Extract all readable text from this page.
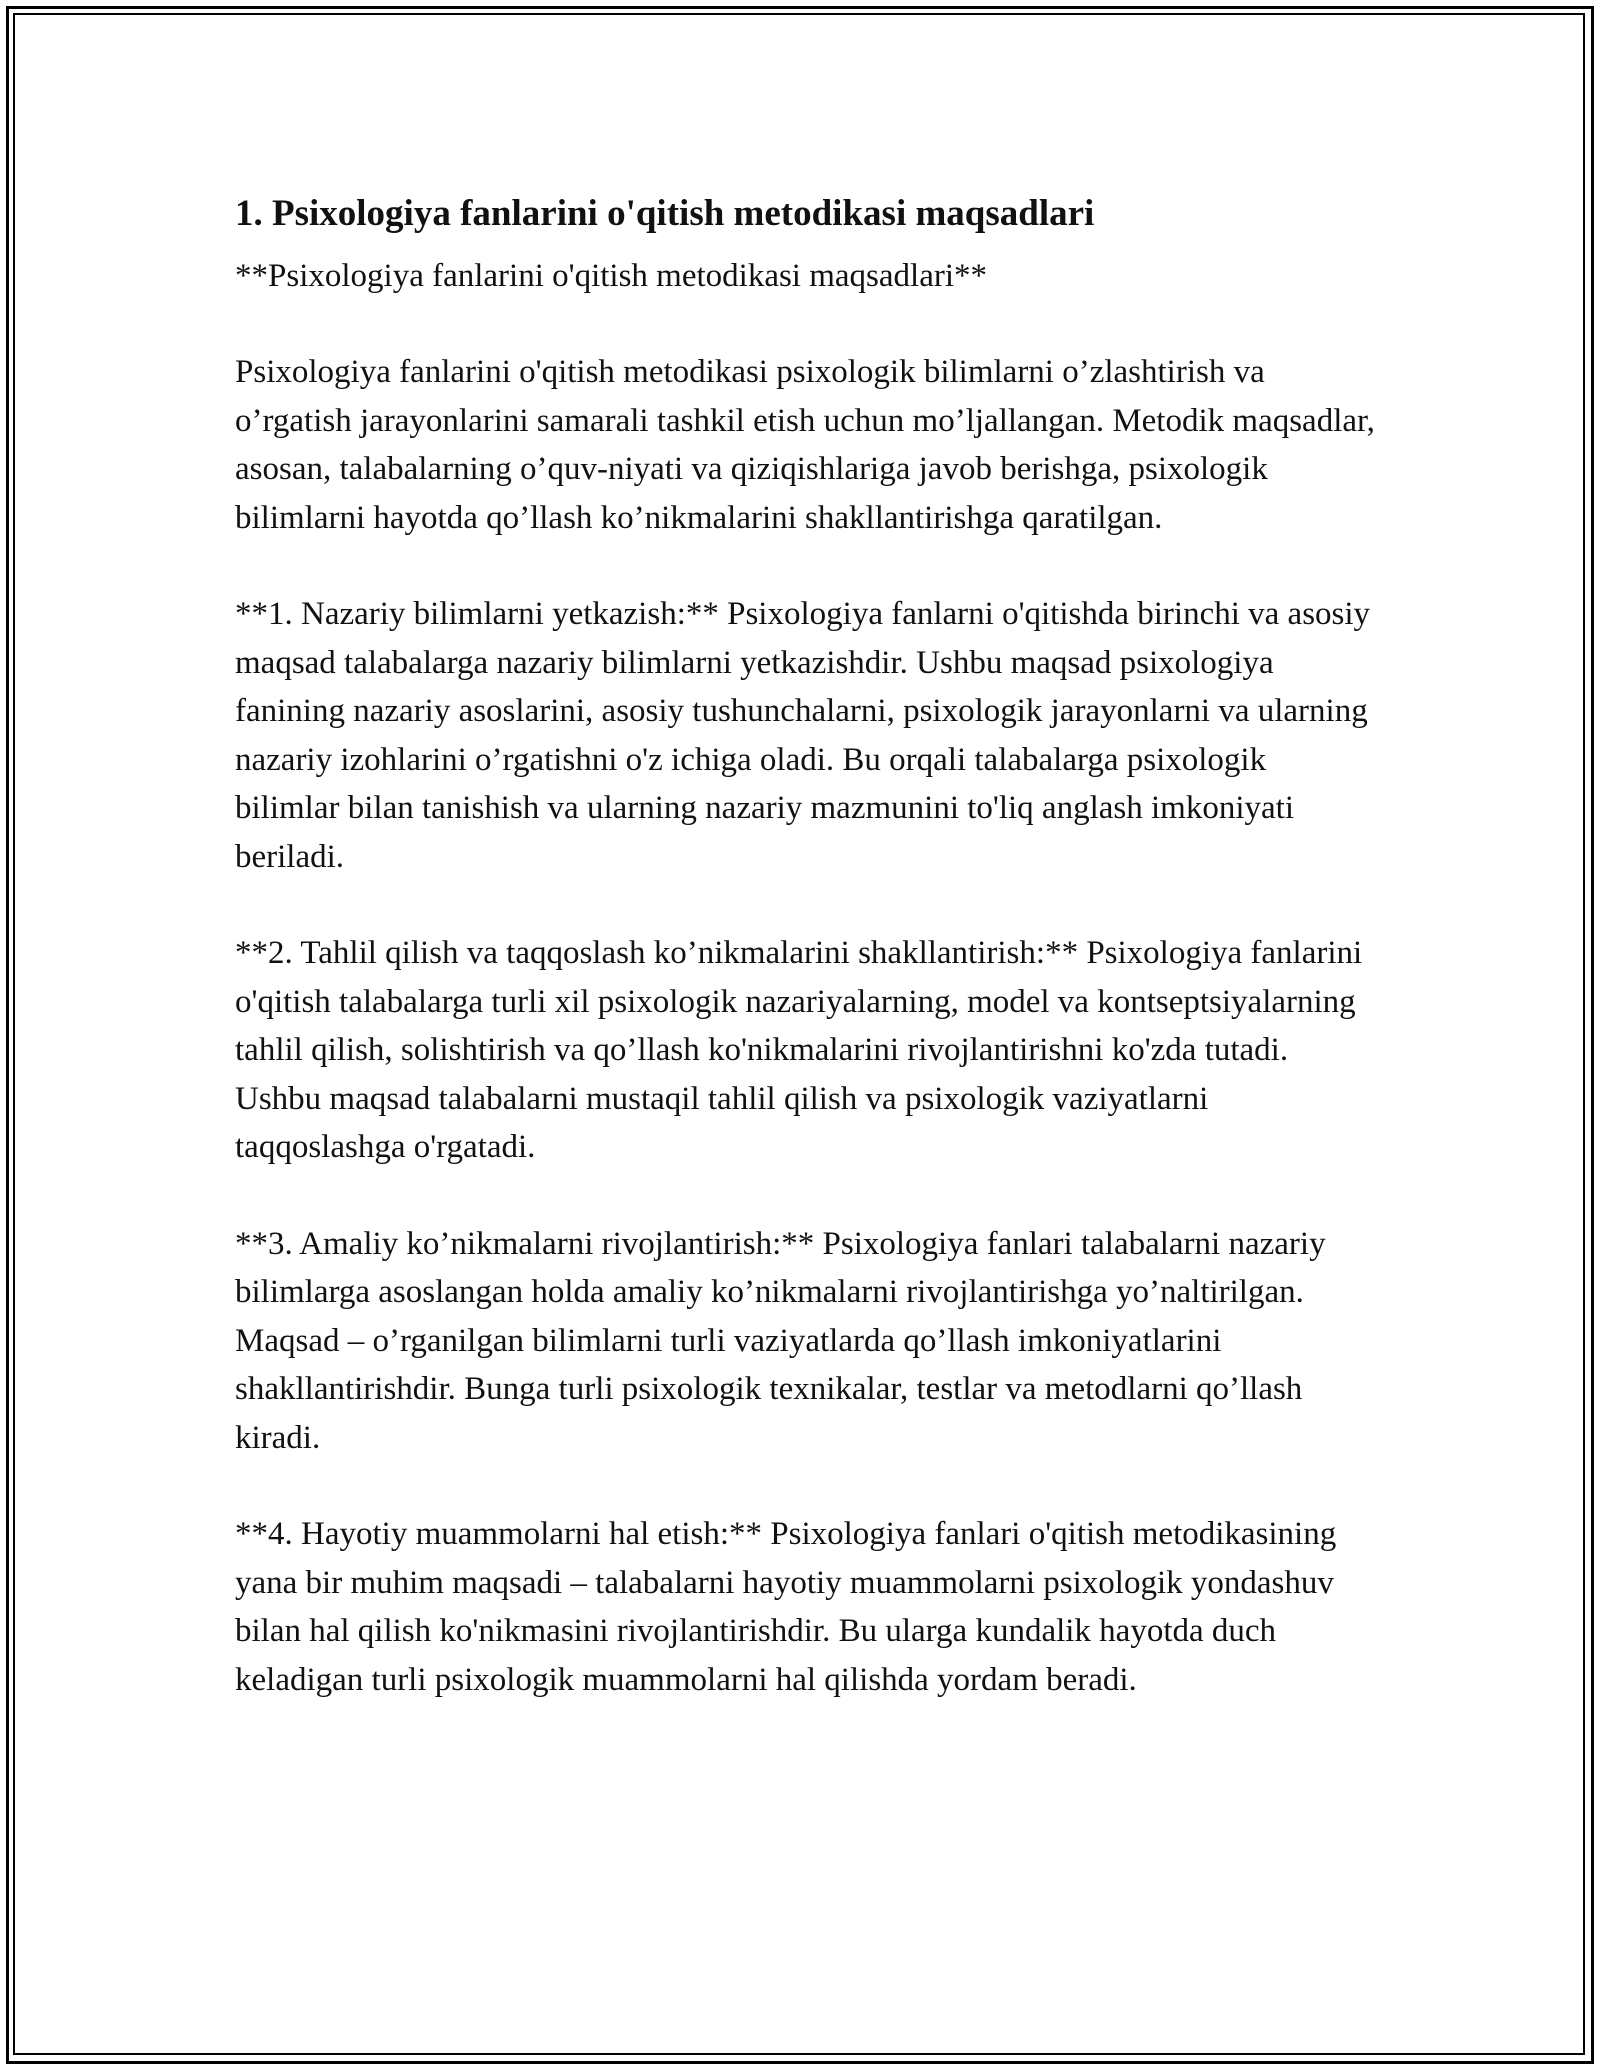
1. Psixologiya fanlarini o'qitish metodikasi maqsadlari

**Psixologiya fanlarini o'qitish metodikasi maqsadlari**

Psixologiya fanlarini o'qitish metodikasi psixologik bilimlarni o’zlashtirish va o’rgatish jarayonlarini samarali tashkil etish uchun mo’ljallangan. Metodik maqsadlar, asosan, talabalarning o’quv-niyati va qiziqishlariga javob berishga, psixologik bilimlarni hayotda qo’llash ko’nikmalarini shakllantirishga qaratilgan.

**1. Nazariy bilimlarni yetkazish:** Psixologiya fanlarni o'qitishda birinchi va asosiy maqsad talabalarga nazariy bilimlarni yetkazishdir. Ushbu maqsad psixologiya fanining nazariy asoslarini, asosiy tushunchalarni, psixologik jarayonlarni va ularning nazariy izohlarini o’rgatishni o'z ichiga oladi. Bu orqali talabalarga psixologik bilimlar bilan tanishish va ularning nazariy mazmunini to'liq anglash imkoniyati beriladi.

**2. Tahlil qilish va taqqoslash ko’nikmalarini shakllantirish:** Psixologiya fanlarini o'qitish talabalarga turli xil psixologik nazariyalarning, model va kontseptsiyalarning tahlil qilish, solishtirish va qo’llash ko'nikmalarini rivojlantirishni ko'zda tutadi. Ushbu maqsad talabalarni mustaqil tahlil qilish va psixologik vaziyatlarni taqqoslashga o'rgatadi.

**3. Amaliy ko’nikmalarni rivojlantirish:** Psixologiya fanlari talabalarni nazariy bilimlarga asoslangan holda amaliy ko’nikmalarni rivojlantirishga yo’naltirilgan. Maqsad – o’rganilgan bilimlarni turli vaziyatlarda qo’llash imkoniyatlarini shakllantirishdir. Bunga turli psixologik texnikalar, testlar va metodlarni qo’llash kiradi.

**4. Hayotiy muammolarni hal etish:** Psixologiya fanlari o'qitish metodikasining yana bir muhim maqsadi – talabalarni hayotiy muammolarni psixologik yondashuv bilan hal qilish ko'nikmasini rivojlantirishdir. Bu ularga kundalik hayotda duch keladigan turli psixologik muammolarni hal qilishda yordam beradi.
